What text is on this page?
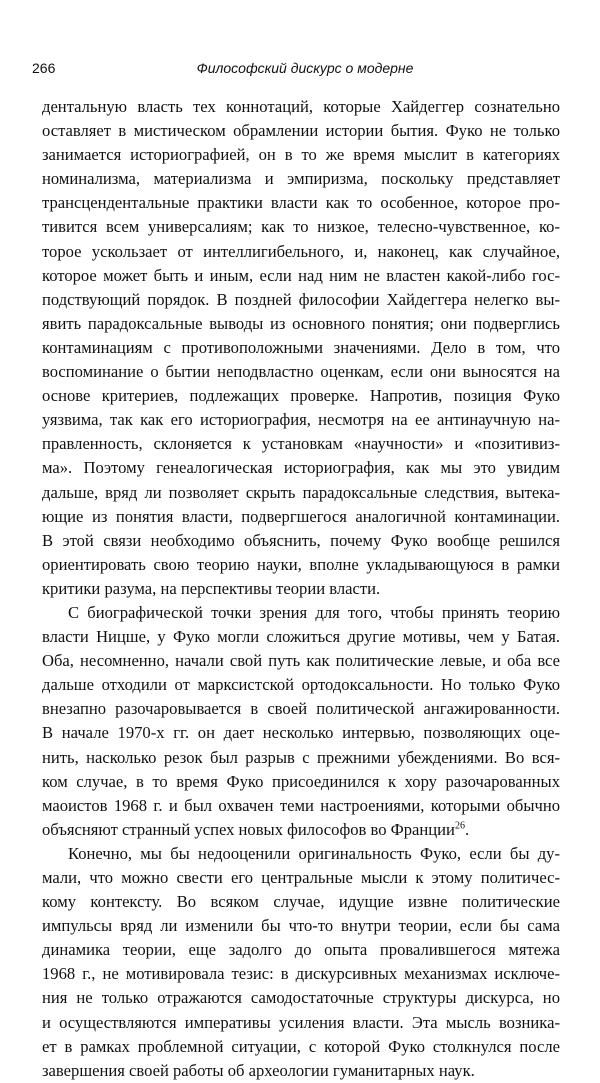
266	Философский дискурс о модерне
дентальную власть тех коннотаций, которые Хайдеггер сознательно
оставляет в мистическом обрамлении истории бытия. Фуко не только
занимается историографией, он в то же время мыслит в категориях
номинализма, материализма и эмпиризма, поскольку представляет
трансцендентальные практики власти как то особенное, которое про-
тивится всем универсалиям; как то низкое, телесно-чувственное, ко-
торое ускользает от интеллигибельного, и, наконец, как случайное,
которое может быть и иным, если над ним не властен какой-либо гос-
подствующий порядок. В поздней философии Хайдеггера нелегко вы-
явить парадоксальные выводы из основного понятия; они подверглись
контаминациям с противоположными значениями. Дело в том, что
воспоминание о бытии неподвластно оценкам, если они выносятся на
основе критериев, подлежащих проверке. Напротив, позиция Фуко
уязвима, так как его историография, несмотря на ее антинаучную на-
правленность, склоняется к установкам «научности» и «позитивиз-
ма». Поэтому генеалогическая историография, как мы это увидим
дальше, вряд ли позволяет скрыть парадоксальные следствия, вытека-
ющие из понятия власти, подвергшегося аналогичной контаминации.
В этой связи необходимо объяснить, почему Фуко вообще решился
ориентировать свою теорию науки, вполне укладывающуюся в рамки
критики разума, на перспективы теории власти.
С биографической точки зрения для того, чтобы принять теорию
власти Ницше, у Фуко могли сложиться другие мотивы, чем у Батая.
Оба, несомненно, начали свой путь как политические левые, и оба все
дальше отходили от марксистской ортодоксальности. Но только Фуко
внезапно разочаровывается в своей политической ангажированности.
В начале 1970-х гг. он дает несколько интервью, позволяющих оце-
нить, насколько резок был разрыв с прежними убеждениями. Во вся-
ком случае, в то время Фуко присоединился к хору разочарованных
маоистов 1968 г. и был охвачен теми настроениями, которыми обычно
объясняют странный успех новых философов во Франции$^{26}$.
Конечно, мы бы недооценили оригинальность Фуко, если бы ду-
мали, что можно свести его центральные мысли к этому политичес-
кому контексту. Во всяком случае, идущие извне политические
импульсы вряд ли изменили бы что-то внутри теории, если бы сама
динамика теории, еще задолго до опыта провалившегося мятежа
1968 г., не мотивировала тезис: в дискурсивных механизмах исключе-
ния не только отражаются самодостаточные структуры дискурса, но
и осуществляются императивы усиления власти. Эта мысль возника-
ет в рамках проблемной ситуации, с которой Фуко столкнулся после
завершения своей работы об археологии гуманитарных наук.
